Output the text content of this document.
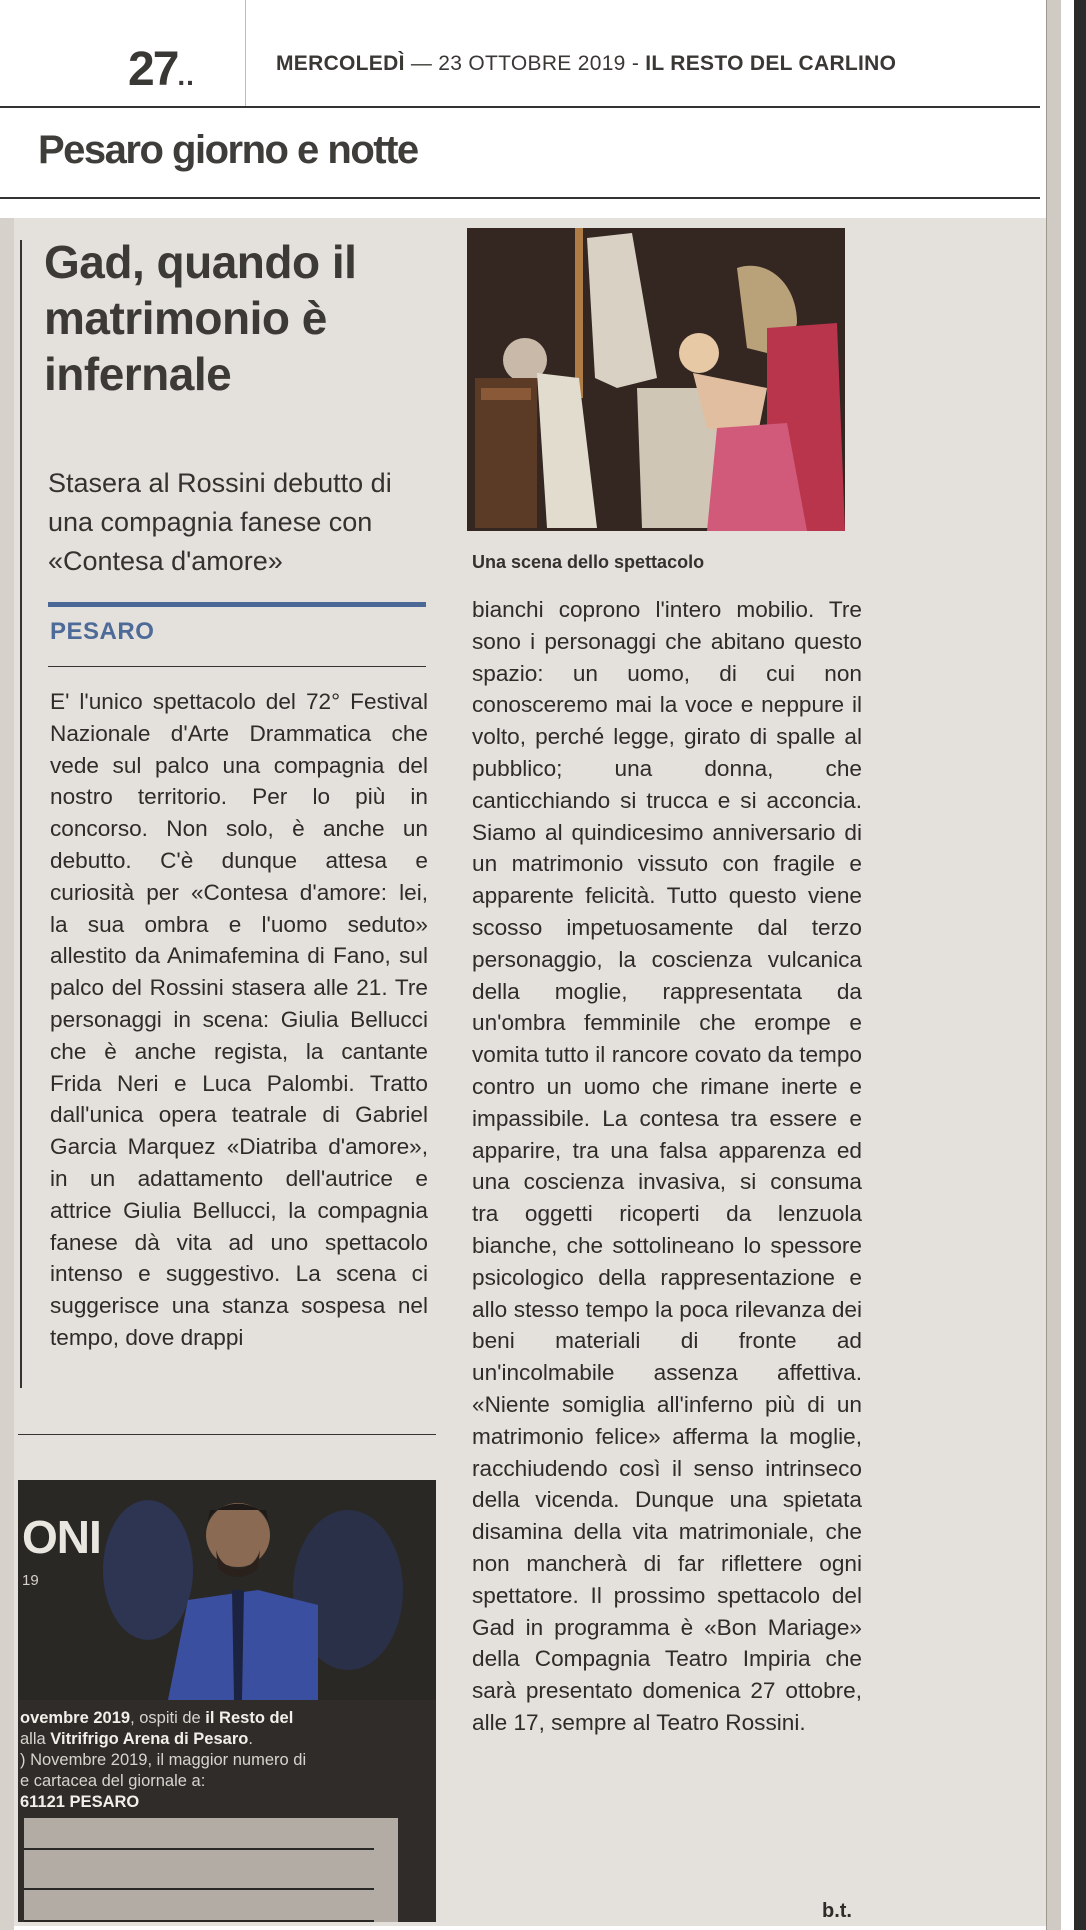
27..	MERCOLEDÌ — 23 OTTOBRE 2019 - IL RESTO DEL CARLINO
Pesaro giorno e notte
Gad, quando il matrimonio è infernale
Stasera al Rossini debutto di una compagnia fanese con «Contesa d'amore»
PESARO

E' l'unico spettacolo del 72° Festival Nazionale d'Arte Drammatica che vede sul palco una compagnia del nostro territorio. Per lo più in concorso. Non solo, è anche un debutto. C'è dunque attesa e curiosità per «Contesa d'amore: lei, la sua ombra e l'uomo seduto» allestito da Animafemina di Fano, sul palco del Rossini stasera alle 21. Tre personaggi in scena: Giulia Bellucci che è anche regista, la cantante Frida Neri e Luca Palombi. Tratto dall'unica opera teatrale di Gabriel Garcia Marquez «Diatriba d'amore», in un adattamento dell'autrice e attrice Giulia Bellucci, la compagnia fanese dà vita ad uno spettacolo intenso e suggestivo. La scena ci suggerisce una stanza sospesa nel tempo, dove drappi

Una scena dello spettacolo

bianchi coprono l'intero mobilio. Tre sono i personaggi che abitano questo spazio: un uomo, di cui non conosceremo mai la voce e neppure il volto, perché legge, girato di spalle al pubblico; una donna, che canticchiando si trucca e si acconcia. Siamo al quindicesimo anniversario di un matrimonio vissuto con fragile e apparente felicità. Tutto questo viene scosso impetuosamente dal terzo personaggio, la coscienza vulcanica della moglie, rappresentata da un'ombra femminile che erompe e vomita tutto il rancore covato da tempo contro un uomo che rimane inerte e impassibile. La contesa tra essere e apparire, tra una falsa apparenza ed una coscienza invasiva, si consuma tra oggetti ricoperti da lenzuola bianche, che sottolineano lo spessore psicologico della rappresentazione e allo stesso tempo la poca rilevanza dei beni materiali di fronte ad un'incolmabile assenza affettiva. «Niente somiglia all'inferno più di un matrimonio felice» afferma la moglie, racchiudendo così il senso intrinseco della vicenda. Dunque una spietata disamina della vita matrimoniale, che non mancherà di far riflettere ogni spettatore. Il prossimo spettacolo del Gad in programma è «Bon Mariage» della Compagnia Teatro Impiria che sarà presentato domenica 27 ottobre, alle 17, sempre al Teatro Rossini.

b.t.
ONI
19
ovembre 2019, ospiti de il Resto del
alla Vitrifrigo Arena di Pesaro.
) Novembre 2019, il maggior numero di
e cartacea del giornale a:
61121 PESARO
